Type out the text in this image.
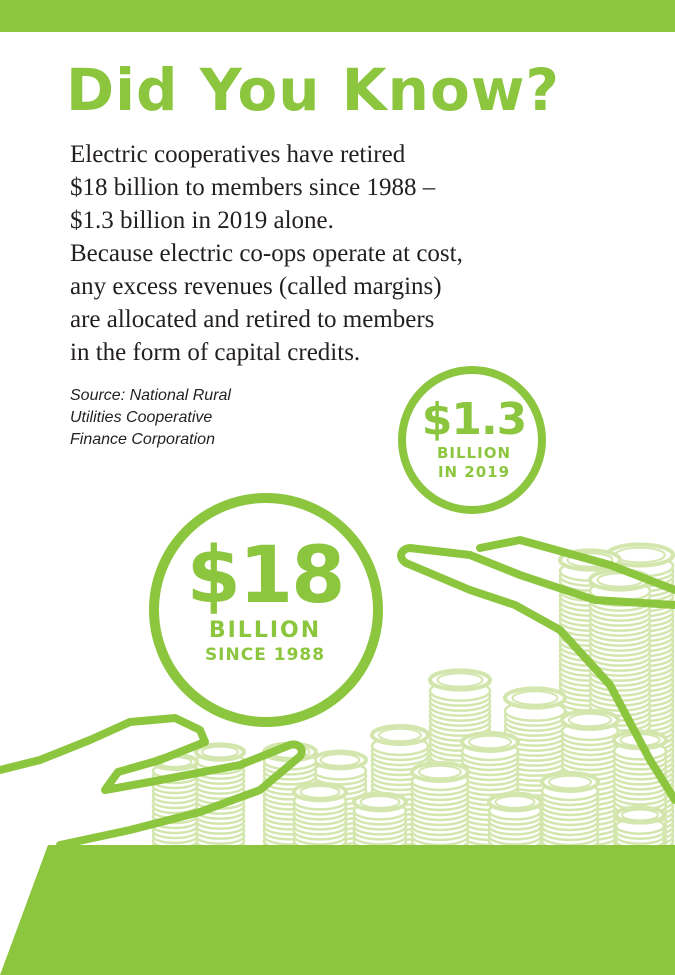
Did You Know?

Electric cooperatives have retired
$18 billion to members since 1988 –
$1.3 billion in 2019 alone.
Because electric co-ops operate at cost,
any excess revenues (called margins)
are allocated and retired to members
in the form of capital credits.

Source: National Rural
Utilities Cooperative
Finance Corporation	$1.3
BILLION
IN 2019
$18
BILLION
SINCE 1988
